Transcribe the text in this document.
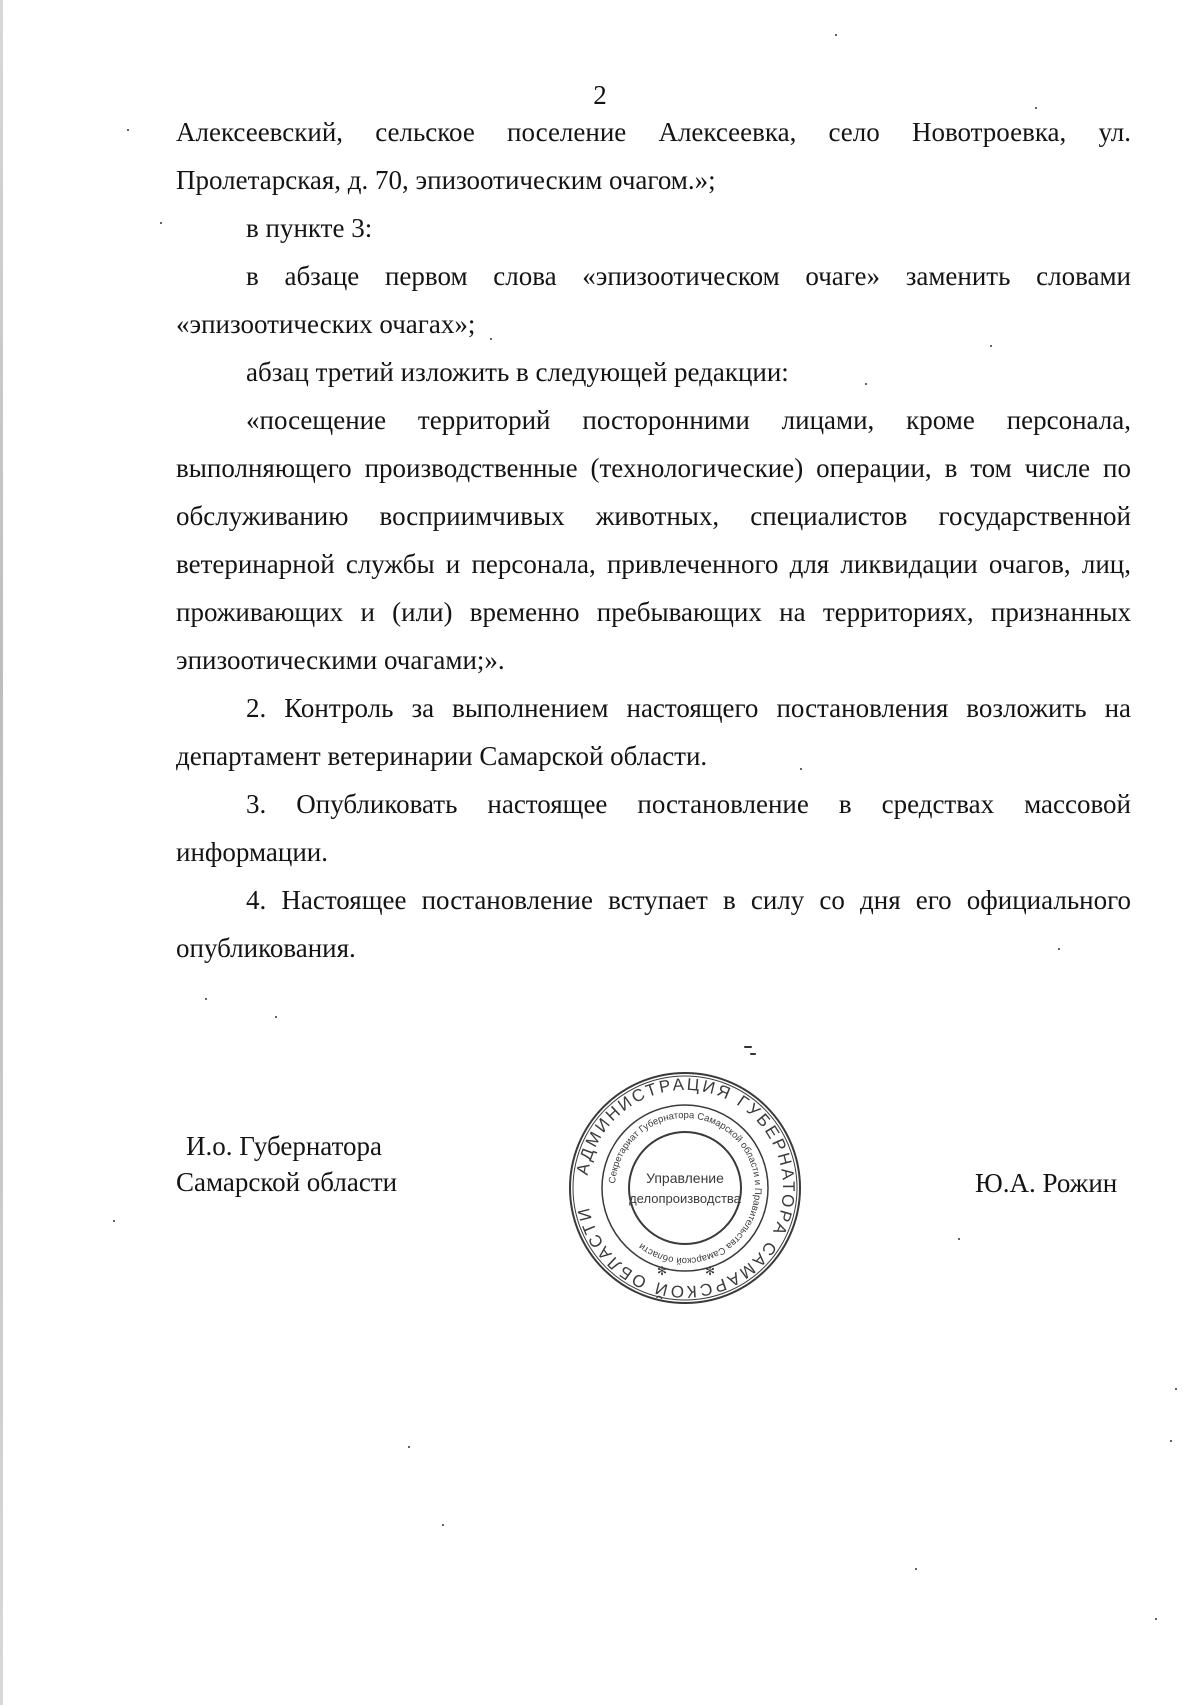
2

Алексеевский, сельское поселение Алексеевка, село Новотроевка, ул. Пролетарская, д. 70, эпизоотическим очагом.»;

в пункте 3:

в абзаце первом слова «эпизоотическом очаге» заменить словами «эпизоотических очагах»;

абзац третий изложить в следующей редакции:

«посещение территорий посторонними лицами, кроме персонала, выполняющего производственные (технологические) операции, в том числе по обслуживанию восприимчивых животных, специалистов государственной ветеринарной службы и персонала, привлеченного для ликвидации очагов, лиц, проживающих и (или) временно пребывающих на территориях, признанных эпизоотическими очагами;».

2. Контроль за выполнением настоящего постановления возложить на департамент ветеринарии Самарской области.

3. Опубликовать настоящее постановление в средствах массовой информации.

4. Настоящее постановление вступает в силу со дня его официального опубликования.

И.о. Губернатора
Самарской области	АДМИНИСТРАЦИЯ ГУБЕРНАТОРА САМАРСКОЙ ОБЛАСТИ
Секретариат Губернатора Самарской области и Правительства Самарской области
Управление
делопроизводства
✻	✻
Ю.А. Рожин
